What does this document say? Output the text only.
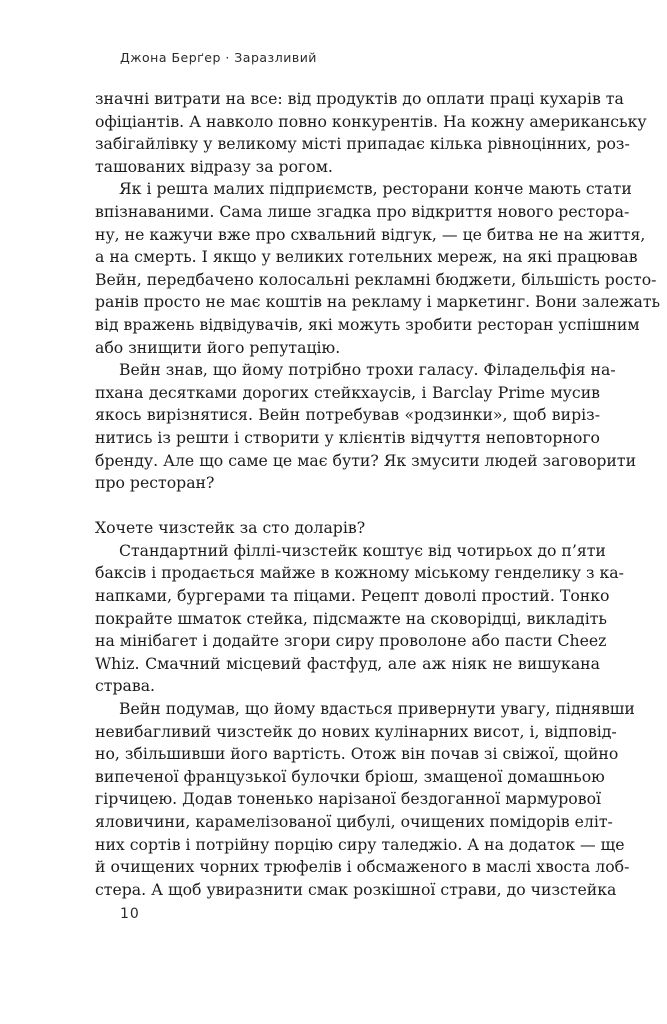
Джона Берґер · Заразливий
значні витрати на все: від продуктів до оплати праці кухарів та
офіціантів. А навколо повно конкурентів. На кожну американську
забігайлівку у великому місті припадає кілька рівноцінних, роз-
ташованих відразу за рогом.
Як і решта малих підприємств, ресторани конче мають стати
впізнаваними. Сама лише згадка про відкриття нового рестора-
ну, не кажучи вже про схвальний відгук, — це битва не на життя,
а на смерть. І якщо у великих готельних мереж, на які працював
Вейн, передбачено колосальні рекламні бюджети, більшість росто-
ранів просто не має коштів на рекламу і маркетинг. Вони залежать
від вражень відвідувачів, які можуть зробити ресторан успішним
або знищити його репутацію.
Вейн знав, що йому потрібно трохи галасу. Філадельфія на-
пхана десятками дорогих стейкхаусів, і Barclay Prime мусив
якось вирізнятися. Вейн потребував «родзинки», щоб виріз-
нитись із решти і створити у клієнтів відчуття неповторного
бренду. Але що саме це має бути? Як змусити людей заговорити
про ресторан?
Хочете чизстейк за сто доларів?
Стандартний філлі-чизстейк коштує від чотирьох до п’яти
баксів і продається майже в кожному міському генделику з ка-
напками, бургерами та піцами. Рецепт доволі простий. Тонко
покрайте шматок стейка, підсмажте на сковорідці, викладіть
на мінібагет і додайте згори сиру проволоне або пасти Cheez
Whiz. Смачний місцевий фастфуд, але аж ніяк не вишукана
страва.
Вейн подумав, що йому вдасться привернути увагу, піднявши
невибагливий чизстейк до нових кулінарних висот, і, відповід-
но, збільшивши його вартість. Отож він почав зі свіжої, щойно
випеченої французької булочки бріош, змащеної домашньою
гірчицею. Додав тоненько нарізаної бездоганної мармурової
яловичини, карамелізованої цибулі, очищених помідорів еліт-
них сортів і потрійну порцію сиру таледжіо. А на додаток — ще
й очищених чорних трюфелів і обсмаженого в маслі хвоста лоб-
стера. А щоб увиразнити смак розкішної страви, до чизстейка
10
